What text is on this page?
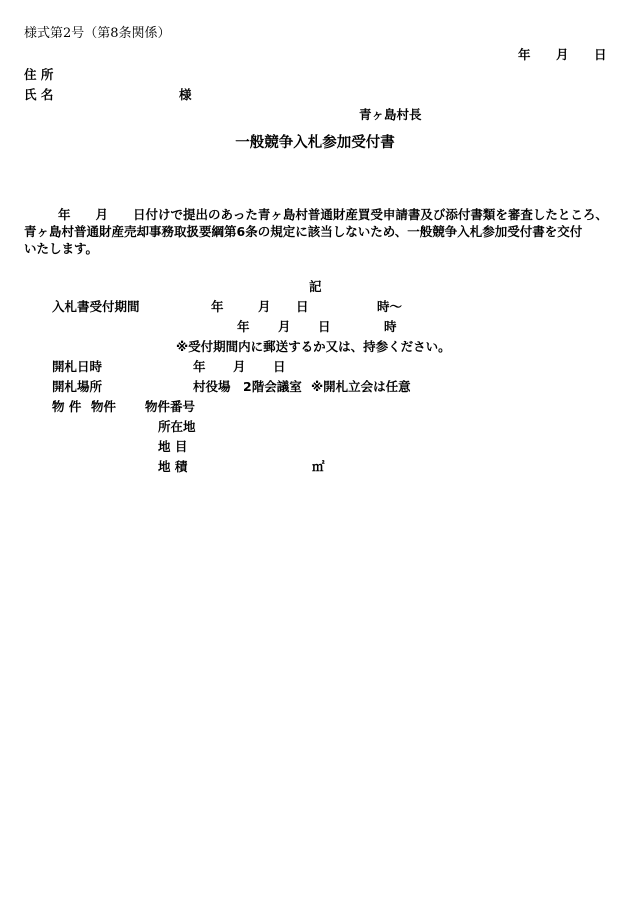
様式第2号（第8条関係）
年 月 日
住 所
氏 名	様
青ヶ島村長
一般競争入札参加受付書
年　　月　　日付けで提出のあった青ヶ島村普通財産買受申請書及び添付書類を審査したところ、
青ヶ島村普通財産売却事務取扱要綱第6条の規定に該当しないため、一般競争入札参加受付書を交付
いたします。
記
入札書受付期間	年	月 日	時〜
年 月 日	時
※受付期間内に郵送するか又は、持参ください。
開札日時	年 月 日
開札場所	村役場　2階会議室 ※開札立会は任意
物 件 物件 物件番号
所在地
地 目
地 積	㎡
